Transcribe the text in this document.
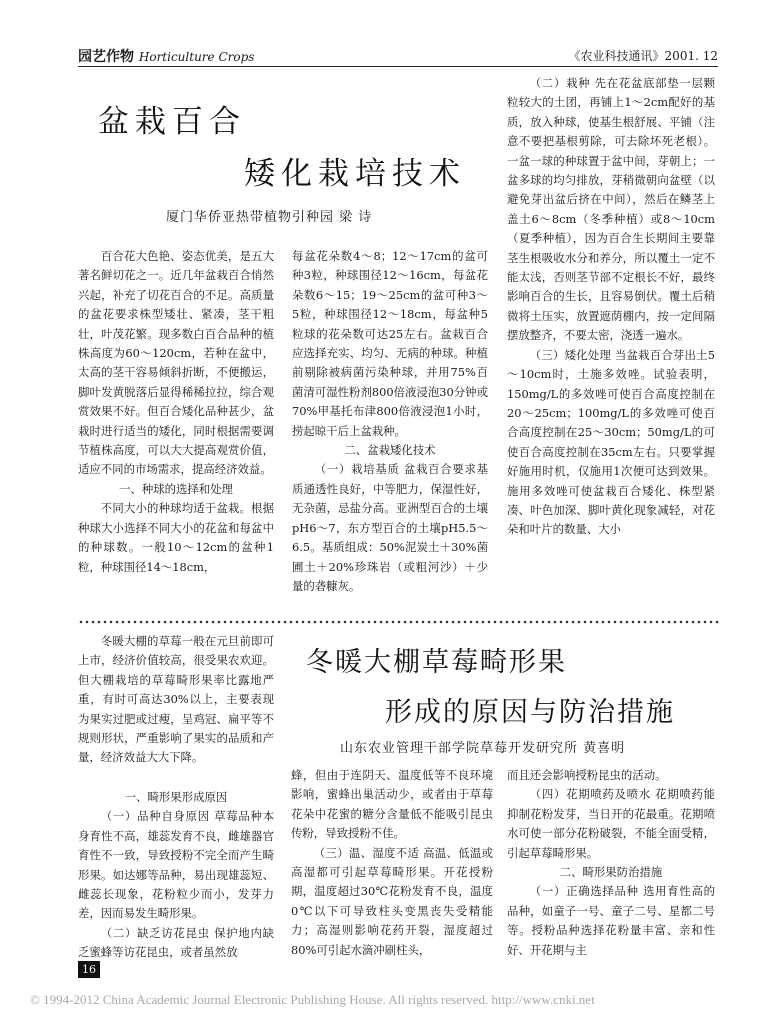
园艺作物 Horticulture Crops	《农业科技通讯》2001. 12
盆栽百合
矮化栽培技术
厦门华侨亚热带植物引种园 梁 诗

百合花大色艳、姿态优美，是五大著名鲜切花之一。近几年盆栽百合悄然兴起，补充了切花百合的不足。高质量的盆花要求株型矮壮、紧凑，茎干粗壮，叶茂花繁。现多数白百合品种的植株高度为60～120cm，若种在盆中，太高的茎干容易倾斜折断，不便搬运，脚叶发黄脱落后显得稀稀拉拉，综合观赏效果不好。但百合矮化品种甚少，盆栽时进行适当的矮化，同时根据需要调节植株高度，可以大大提高观赏价值，适应不同的市场需求，提高经济效益。

一、种球的选择和处理

不同大小的种球均适于盆栽。根据种球大小选择不同大小的花盆和每盆中的种球数。一般10～12cm的盆种1粒，种球围径14～18cm，

每盆花朵数4～8；12～17cm的盆可种3粒，种球围径12～16cm，每盆花朵数6～15；19～25cm的盆可种3～5粒，种球围径12～18cm，每盆种5粒球的花朵数可达25左右。盆栽百合应选择充实、均匀、无病的种球。种植前剔除被病菌污染种球，并用75%百菌清可湿性粉剂800倍液浸泡30分钟或70%甲基托布津800倍液浸泡1小时，捞起晾干后上盆栽种。

二、盆栽矮化技术

（一）栽培基质 盆栽百合要求基质通透性良好，中等肥力，保湿性好，无杂菌，忌盐分高。亚洲型百合的土壤pH6～7，东方型百合的土壤pH5.5～6.5。基质组成：50%泥炭土＋30%菌圃土＋20%珍珠岩（或粗河沙）＋少量的砻糠灰。

（二）栽种 先在花盆底部垫一层颗粒较大的土团，再铺上1～2cm配好的基质，放入种球，使基生根舒展、平铺（注意不要把基根剪除，可去除坏死老根）。一盆一球的种球置于盆中间，芽朝上；一盆多球的均匀排放，芽稍微朝向盆壁（以避免芽出盆后挤在中间），然后在鳞茎上盖土6～8cm（冬季种植）或8～10cm（夏季种植），因为百合生长期间主要靠茎生根吸收水分和养分，所以覆土一定不能太浅，否则茎节部不定根长不好，最终影响百合的生长，且容易倒伏。覆土后稍微将土压实，放置遮荫棚内，按一定间隔摆放整齐，不要太密，浇透一遍水。

（三）矮化处理 当盆栽百合芽出土5～10cm时，土施多效唑。试验表明，150mg/L的多效唑可使百合高度控制在20～25cm；100mg/L的多效唑可使百合高度控制在25～30cm；50mg/L的可使百合高度控制在35cm左右。只要掌握好施用时机，仅施用1次便可达到效果。施用多效唑可使盆栽百合矮化、株型紧凑、叶色加深、脚叶黄化现象减轻，对花朵和叶片的数量、大小

冬暖大棚的草莓一般在元旦前即可上市，经济价值较高，很受果农欢迎。但大棚栽培的草莓畸形果率比露地严重，有时可高达30%以上，主要表现为果实过肥或过瘦，呈鸡冠、扁平等不规则形状，严重影响了果实的品质和产量，经济效益大大下降。

冬暖大棚草莓畸形果
形成的原因与防治措施
山东农业管理干部学院草莓开发研究所 黄喜明

一、畸形果形成原因

（一）品种自身原因 草莓品种本身育性不高，雄蕊发育不良，雌雄器官育性不一致，导致授粉不完全而产生畸形果。如达娜等品种，易出现雄蕊短、雌蕊长现象，花粉粒少而小，发芽力差，因而易发生畸形果。

（二）缺乏访花昆虫 保护地内缺乏蜜蜂等访花昆虫，或者虽然放

蜂，但由于连阴天、温度低等不良环境影响，蜜蜂出巢活动少，或者由于草莓花朵中花蜜的糖分含量低不能吸引昆虫传粉，导致授粉不佳。

（三）温、湿度不适 高温、低温或高湿都可引起草莓畸形果。开花授粉期，温度超过30℃花粉发育不良，温度0℃以下可导致柱头变黑丧失受精能力；高湿则影响花药开裂，湿度超过80%可引起水滴冲刷柱头，

而且还会影响授粉昆虫的活动。

（四）花期喷药及喷水 花期喷药能抑制花粉发芽，当日开的花最重。花期喷水可使一部分花粉破裂，不能全面受精，引起草莓畸形果。

二、畸形果防治措施

（一）正确选择品种 选用育性高的品种，如童子一号、童子二号、星都二号等。授粉品种选择花粉量丰富、亲和性好、开花期与主

16
© 1994-2012 China Academic Journal Electronic Publishing House. All rights reserved. http://www.cnki.net
